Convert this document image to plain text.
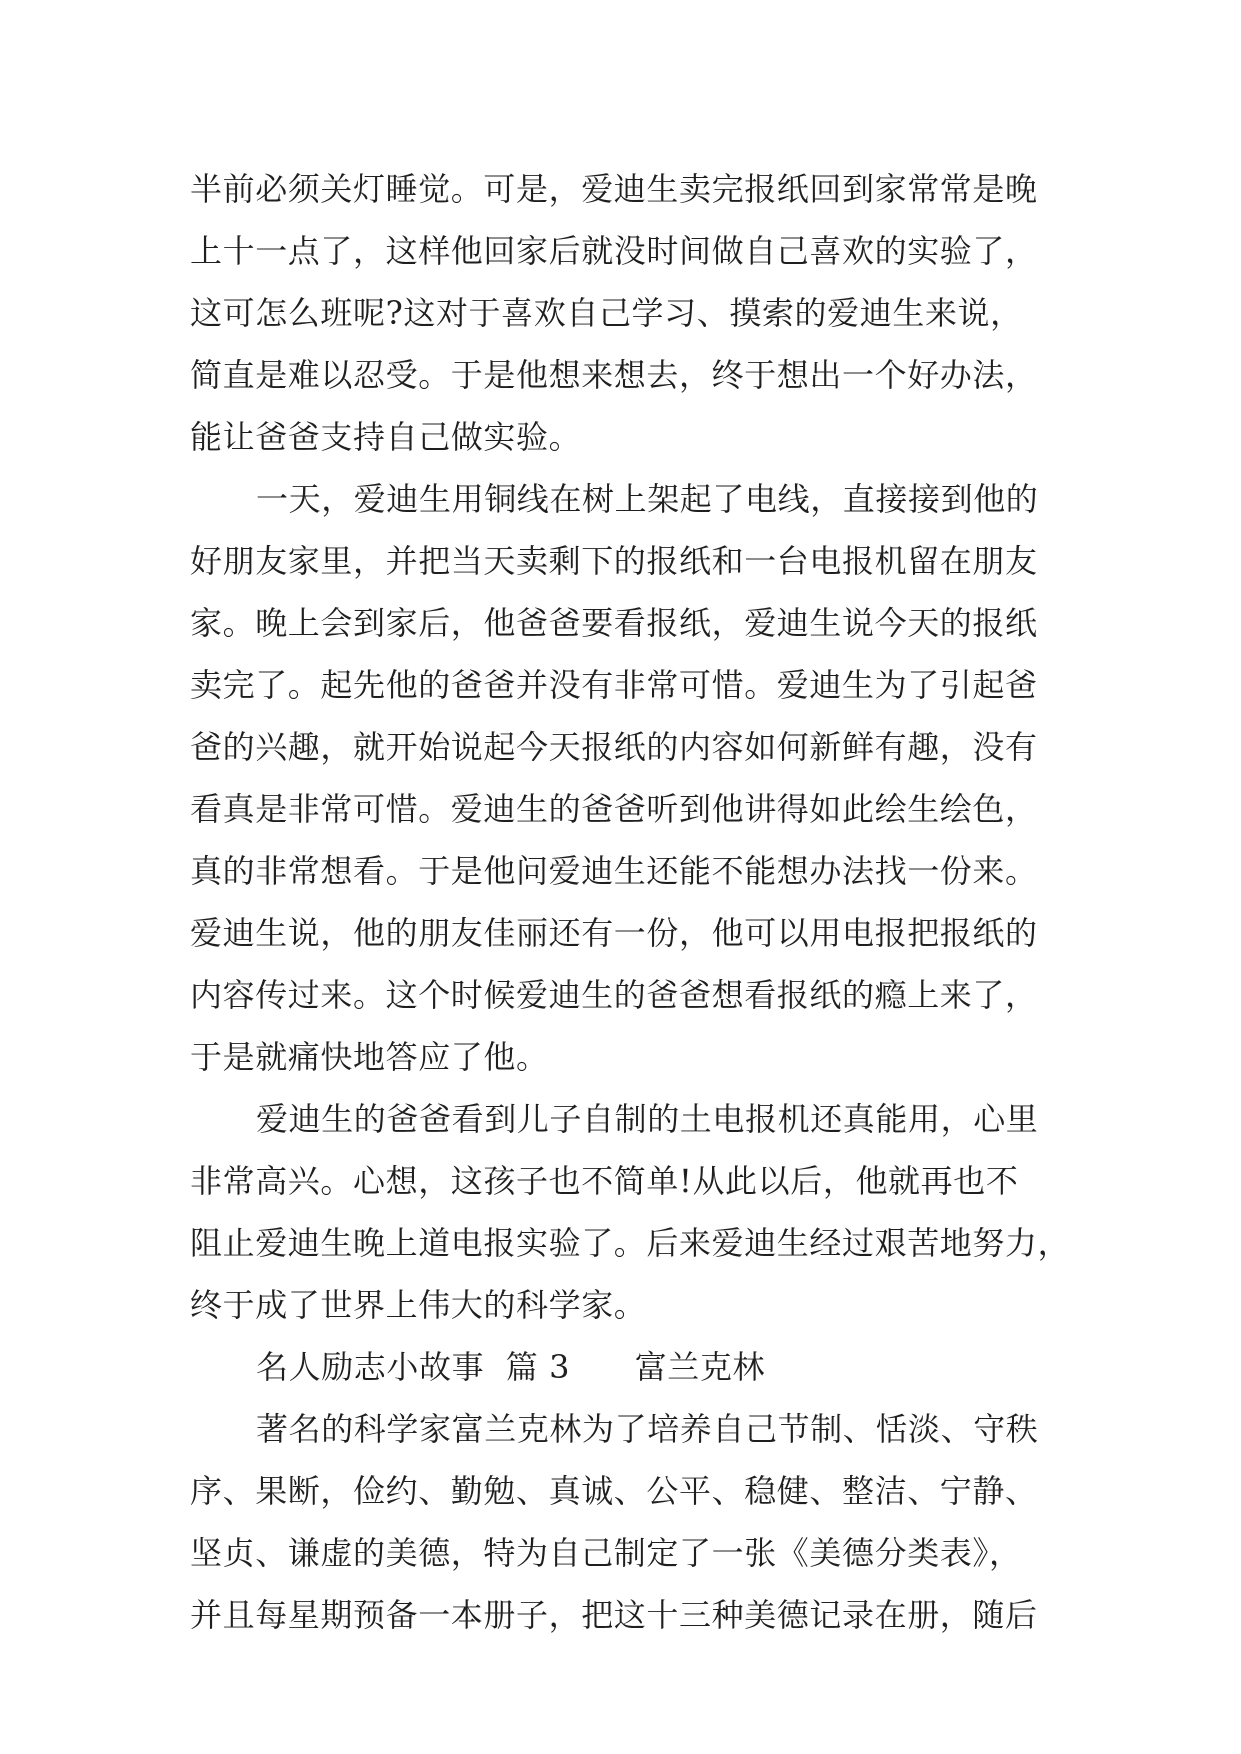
半前必须关灯睡觉。可是，爱迪生卖完报纸回到家常常是晚
上十一点了，这样他回家后就没时间做自己喜欢的实验了，
这可怎么班呢?这对于喜欢自己学习、摸索的爱迪生来说，
简直是难以忍受。于是他想来想去，终于想出一个好办法，
能让爸爸支持自己做实验。
一天，爱迪生用铜线在树上架起了电线，直接接到他的
好朋友家里，并把当天卖剩下的报纸和一台电报机留在朋友
家。晚上会到家后，他爸爸要看报纸，爱迪生说今天的报纸
卖完了。起先他的爸爸并没有非常可惜。爱迪生为了引起爸
爸的兴趣，就开始说起今天报纸的内容如何新鲜有趣，没有
看真是非常可惜。爱迪生的爸爸听到他讲得如此绘生绘色，
真的非常想看。于是他问爱迪生还能不能想办法找一份来。
爱迪生说，他的朋友佳丽还有一份，他可以用电报把报纸的
内容传过来。这个时候爱迪生的爸爸想看报纸的瘾上来了，
于是就痛快地答应了他。
爱迪生的爸爸看到儿子自制的土电报机还真能用，心里
非常高兴。心想，这孩子也不简单!从此以后，他就再也不
阻止爱迪生晚上道电报实验了。后来爱迪生经过艰苦地努力，
终于成了世界上伟大的科学家。
名人励志小故事  篇 3      富兰克林
著名的科学家富兰克林为了培养自己节制、恬淡、守秩
序、果断，俭约、勤勉、真诚、公平、稳健、整洁、宁静、
坚贞、谦虚的美德，特为自己制定了一张《美德分类表》，
并且每星期预备一本册子，把这十三种美德记录在册，随后
